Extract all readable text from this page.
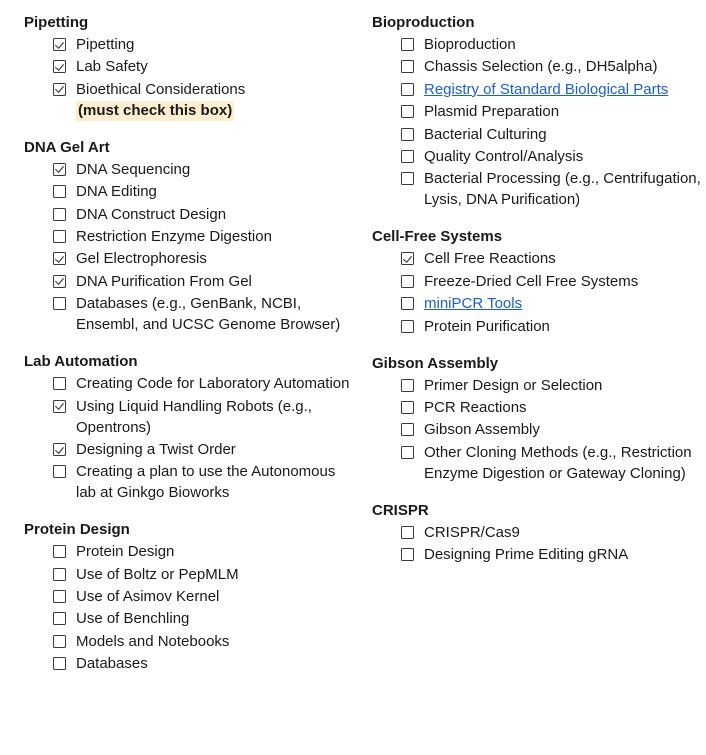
Pipetting
Pipetting
Lab Safety
Bioethical Considerations
(must check this box)
DNA Gel Art
DNA Sequencing
DNA Editing
DNA Construct Design
Restriction Enzyme Digestion
Gel Electrophoresis
DNA Purification From Gel
Databases (e.g., GenBank, NCBI, Ensembl, and UCSC Genome Browser)
Lab Automation
Creating Code for Laboratory Automation
Using Liquid Handling Robots (e.g., Opentrons)
Designing a Twist Order
Creating a plan to use the Autonomous lab at Ginkgo Bioworks
Protein Design
Protein Design
Use of Boltz or PepMLM
Use of Asimov Kernel
Use of Benchling
Models and Notebooks
Databases
Bioproduction
Bioproduction
Chassis Selection (e.g., DH5alpha)
Registry of Standard Biological Parts
Plasmid Preparation
Bacterial Culturing
Quality Control/Analysis
Bacterial Processing (e.g., Centrifugation, Lysis, DNA Purification)
Cell-Free Systems
Cell Free Reactions
Freeze-Dried Cell Free Systems
miniPCR Tools
Protein Purification
Gibson Assembly
Primer Design or Selection
PCR Reactions
Gibson Assembly
Other Cloning Methods (e.g., Restriction Enzyme Digestion or Gateway Cloning)
CRISPR
CRISPR/Cas9
Designing Prime Editing gRNA
